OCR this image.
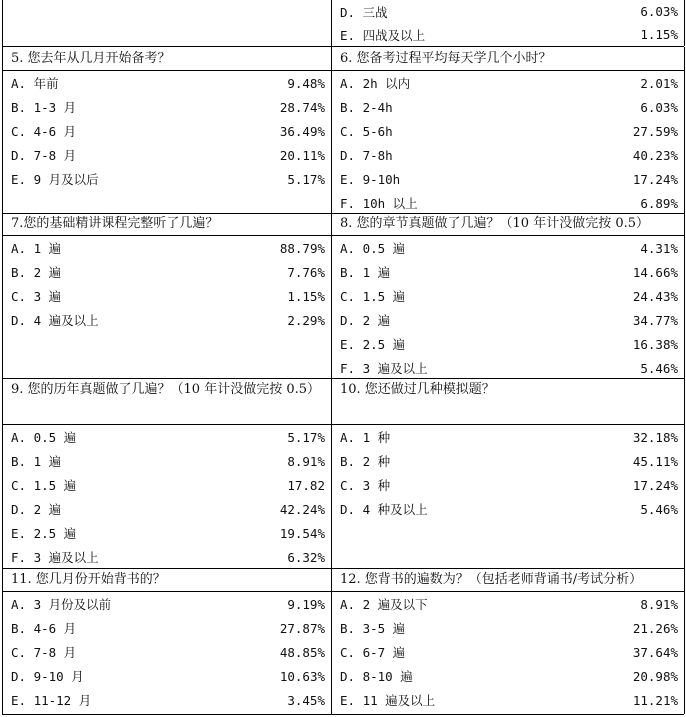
D. 三战	6.03%
E. 四战及以上	1.15%
5. 您去年从几月开始备考？
A. 年前	9.48%
B. 1-3 月	28.74%
C. 4-6 月	36.49%
D. 7-8 月	20.11%
E. 9 月及以后	5.17%
6. 您备考过程平均每天学几个小时？
A. 2h 以内	2.01%
B. 2-4h	6.03%
C. 5-6h	27.59%
D. 7-8h	40.23%
E. 9-10h	17.24%
F. 10h 以上	6.89%
7.您的基础精讲课程完整听了几遍？
A. 1 遍	88.79%
B. 2 遍	7.76%
C. 3 遍	1.15%
D. 4 遍及以上	2.29%
8. 您的章节真题做了几遍？（10 年计没做完按 0.5）
A. 0.5 遍	4.31%
B. 1 遍	14.66%
C. 1.5 遍	24.43%
D. 2 遍	34.77%
E. 2.5 遍	16.38%
F. 3 遍及以上	5.46%
9. 您的历年真题做了几遍？（10 年计没做完按 0.5）
A. 0.5 遍	5.17%
B. 1 遍	8.91%
C. 1.5 遍	17.82
D. 2 遍	42.24%
E. 2.5 遍	19.54%
F. 3 遍及以上	6.32%
10. 您还做过几种模拟题？
A. 1 种	32.18%
B. 2 种	45.11%
C. 3 种	17.24%
D. 4 种及以上	5.46%
11. 您几月份开始背书的？
A. 3 月份及以前	9.19%
B. 4-6 月	27.87%
C. 7-8 月	48.85%
D. 9-10 月	10.63%
E. 11-12 月	3.45%
12. 您背书的遍数为？（包括老师背诵书/考试分析）
A. 2 遍及以下	8.91%
B. 3-5 遍	21.26%
C. 6-7 遍	37.64%
D. 8-10 遍	20.98%
E. 11 遍及以上	11.21%
